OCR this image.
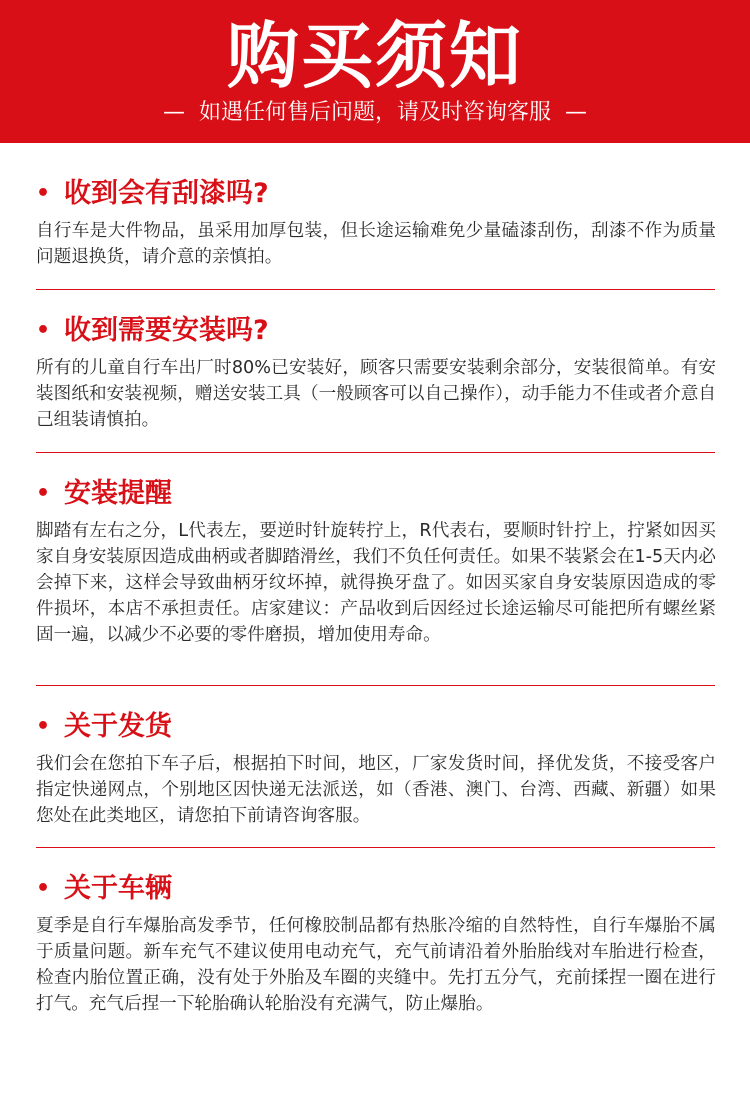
购买须知
— 如遇任何售后问题，请及时咨询客服 —
• 收到会有刮漆吗?
自行车是大件物品，虽采用加厚包装，但长途运输难免少量磕漆刮伤，刮漆不作为质量问题退换货，请介意的亲慎拍。
• 收到需要安装吗?
所有的儿童自行车出厂时80%已安装好，顾客只需要安装剩余部分，安装很简单。有安装图纸和安装视频，赠送安装工具（一般顾客可以自己操作），动手能力不佳或者介意自己组装请慎拍。
• 安装提醒
脚踏有左右之分，L代表左，要逆时针旋转拧上，R代表右，要顺时针拧上，拧紧如因买家自身安装原因造成曲柄或者脚踏滑丝，我们不负任何责任。如果不装紧会在1-5天内必会掉下来，这样会导致曲柄牙纹坏掉，就得换牙盘了。如因买家自身安装原因造成的零件损坏，本店不承担责任。店家建议：产品收到后因经过长途运输尽可能把所有螺丝紧固一遍，以减少不必要的零件磨损，增加使用寿命。
• 关于发货
我们会在您拍下车子后，根据拍下时间，地区，厂家发货时间，择优发货，不接受客户指定快递网点，个别地区因快递无法派送，如（香港、澳门、台湾、西藏、新疆）如果您处在此类地区，请您拍下前请咨询客服。
• 关于车辆
夏季是自行车爆胎高发季节，任何橡胶制品都有热胀冷缩的自然特性，自行车爆胎不属于质量问题。新车充气不建议使用电动充气，充气前请沿着外胎胎线对车胎进行检查，检查内胎位置正确，没有处于外胎及车圈的夹缝中。先打五分气，充前揉捏一圈在进行打气。充气后捏一下轮胎确认轮胎没有充满气，防止爆胎。
